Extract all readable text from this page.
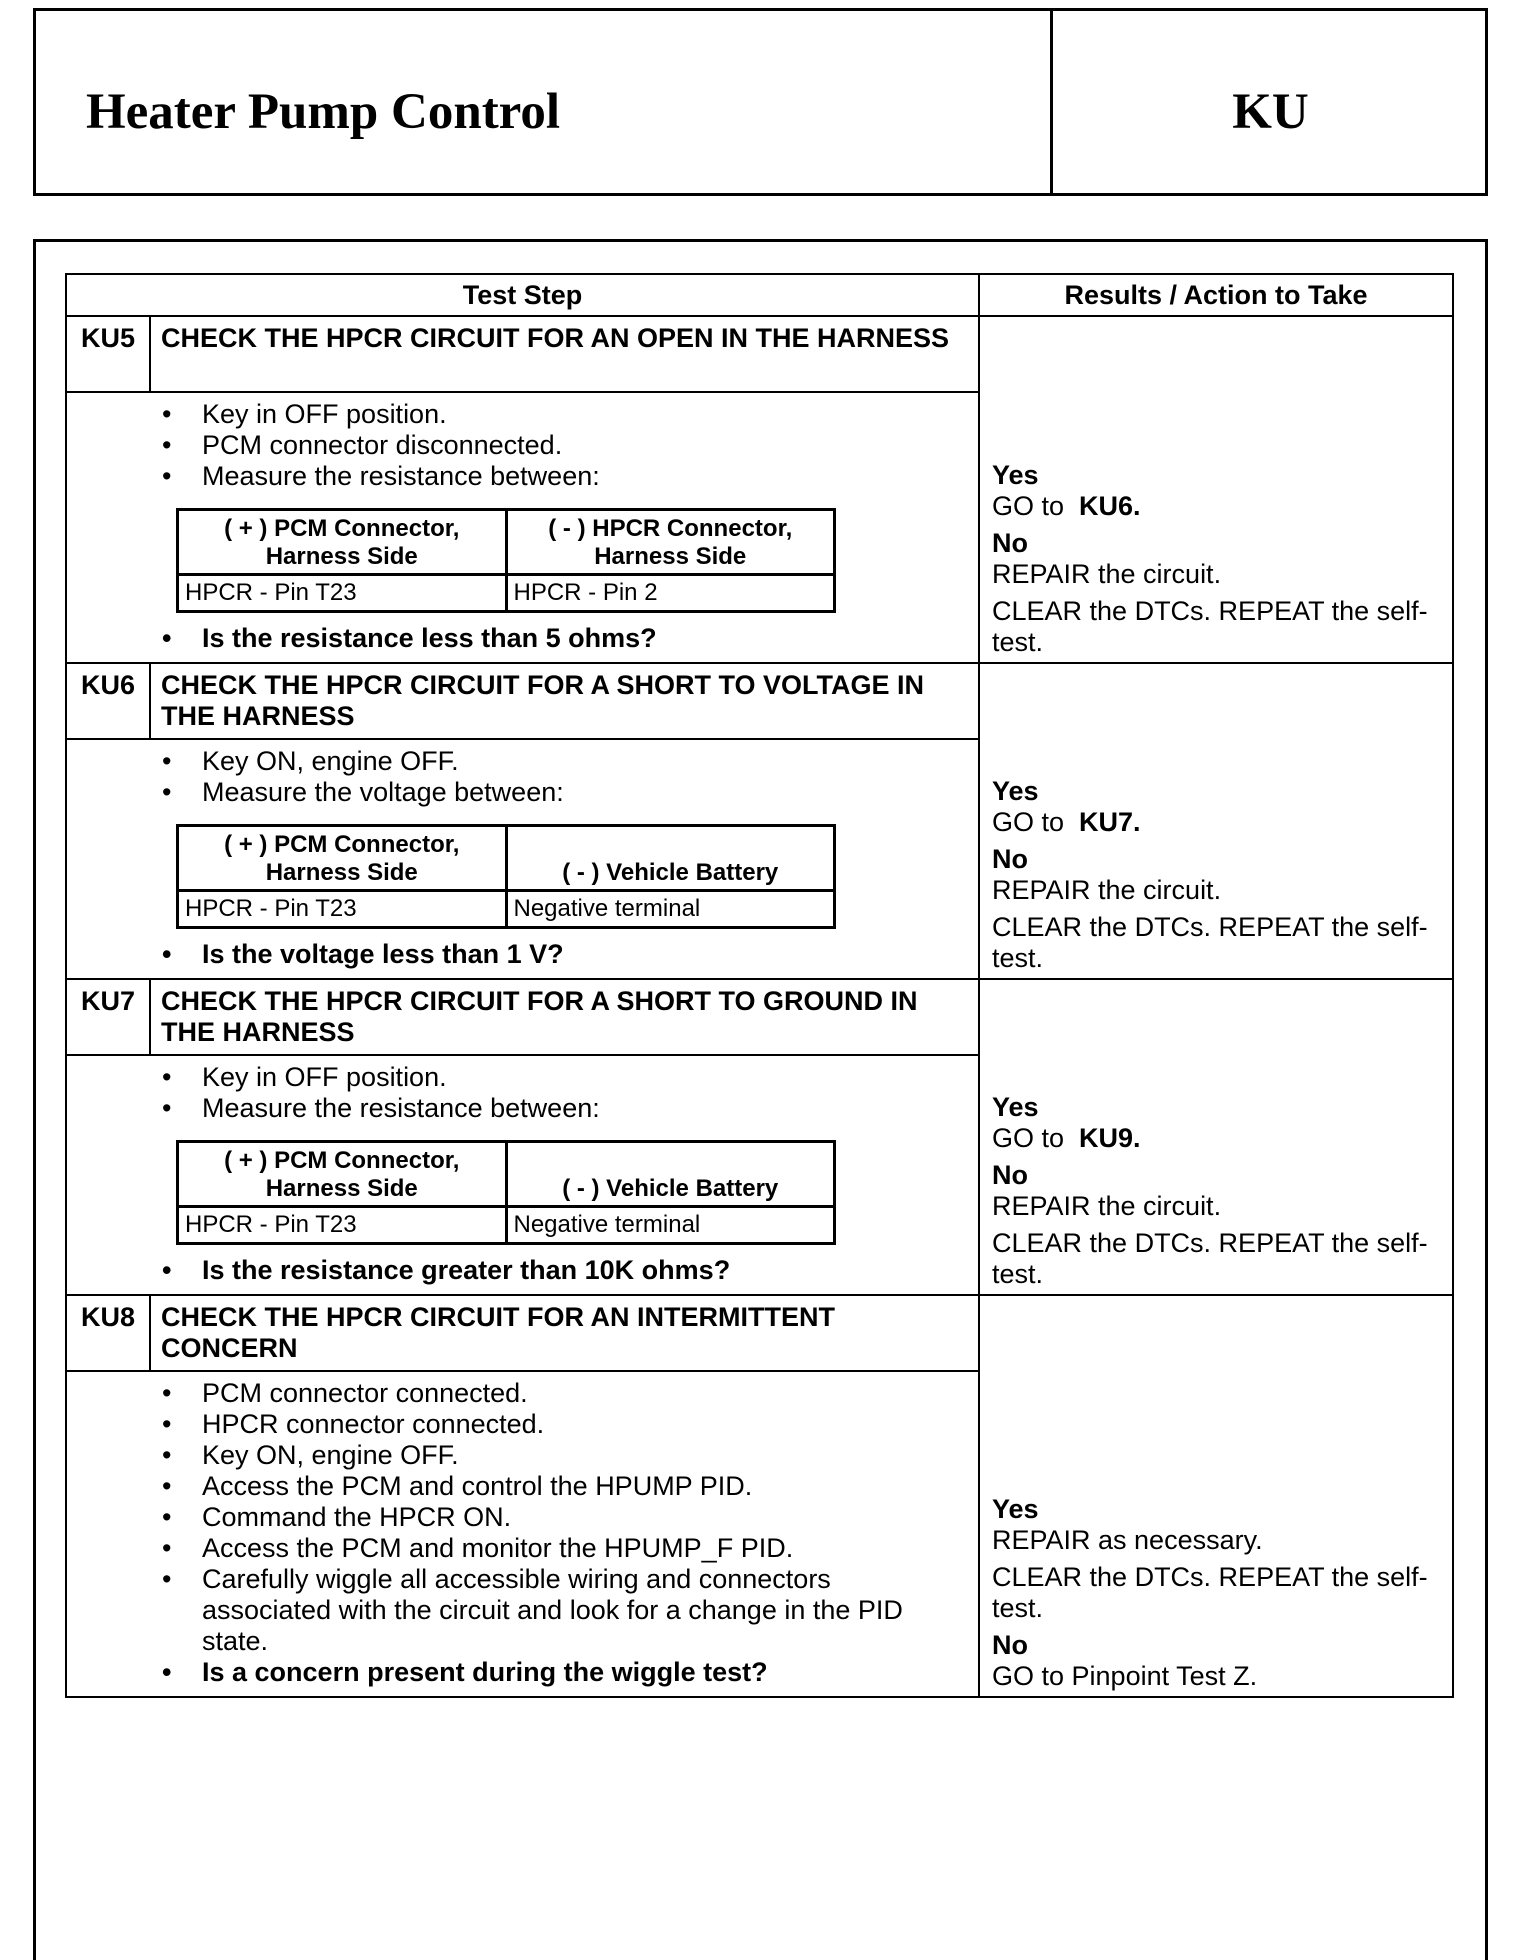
Heater Pump Control	KU
Test Step	Results / Action to Take
KU5	CHECK THE HPCR CIRCUIT FOR AN OPEN IN THE HARNESS	
Yes
GO to KU6.
No
REPAIR the circuit.
CLEAR the DTCs. REPEAT the self-test.

• Key in OFF position.
• PCM connector disconnected.
• Measure the resistance between:
( + ) PCM Connector, Harness Side	( - ) HPCR Connector, Harness Side
HPCR - Pin T23	HPCR - Pin 2
• Is the resistance less than 5 ohms?

KU6	CHECK THE HPCR CIRCUIT FOR A SHORT TO VOLTAGE IN THE HARNESS	
Yes
GO to KU7.
No
REPAIR the circuit.
CLEAR the DTCs. REPEAT the self-test.

• Key ON, engine OFF.
• Measure the voltage between:
( + ) PCM Connector, Harness Side	( - ) Vehicle Battery
HPCR - Pin T23	Negative terminal
• Is the voltage less than 1 V?

KU7	CHECK THE HPCR CIRCUIT FOR A SHORT TO GROUND IN THE HARNESS	
Yes
GO to KU9.
No
REPAIR the circuit.
CLEAR the DTCs. REPEAT the self-test.

• Key in OFF position.
• Measure the resistance between:
( + ) PCM Connector, Harness Side	( - ) Vehicle Battery
HPCR - Pin T23	Negative terminal
• Is the resistance greater than 10K ohms?

KU8	CHECK THE HPCR CIRCUIT FOR AN INTERMITTENT CONCERN	
Yes
REPAIR as necessary.
CLEAR the DTCs. REPEAT the self-test.
No
GO to Pinpoint Test Z.

• PCM connector connected.
• HPCR connector connected.
• Key ON, engine OFF.
• Access the PCM and control the HPUMP PID.
• Command the HPCR ON.
• Access the PCM and monitor the HPUMP_F PID.
• Carefully wiggle all accessible wiring and connectors associated with the circuit and look for a change in the PID state.
• Is a concern present during the wiggle test?
